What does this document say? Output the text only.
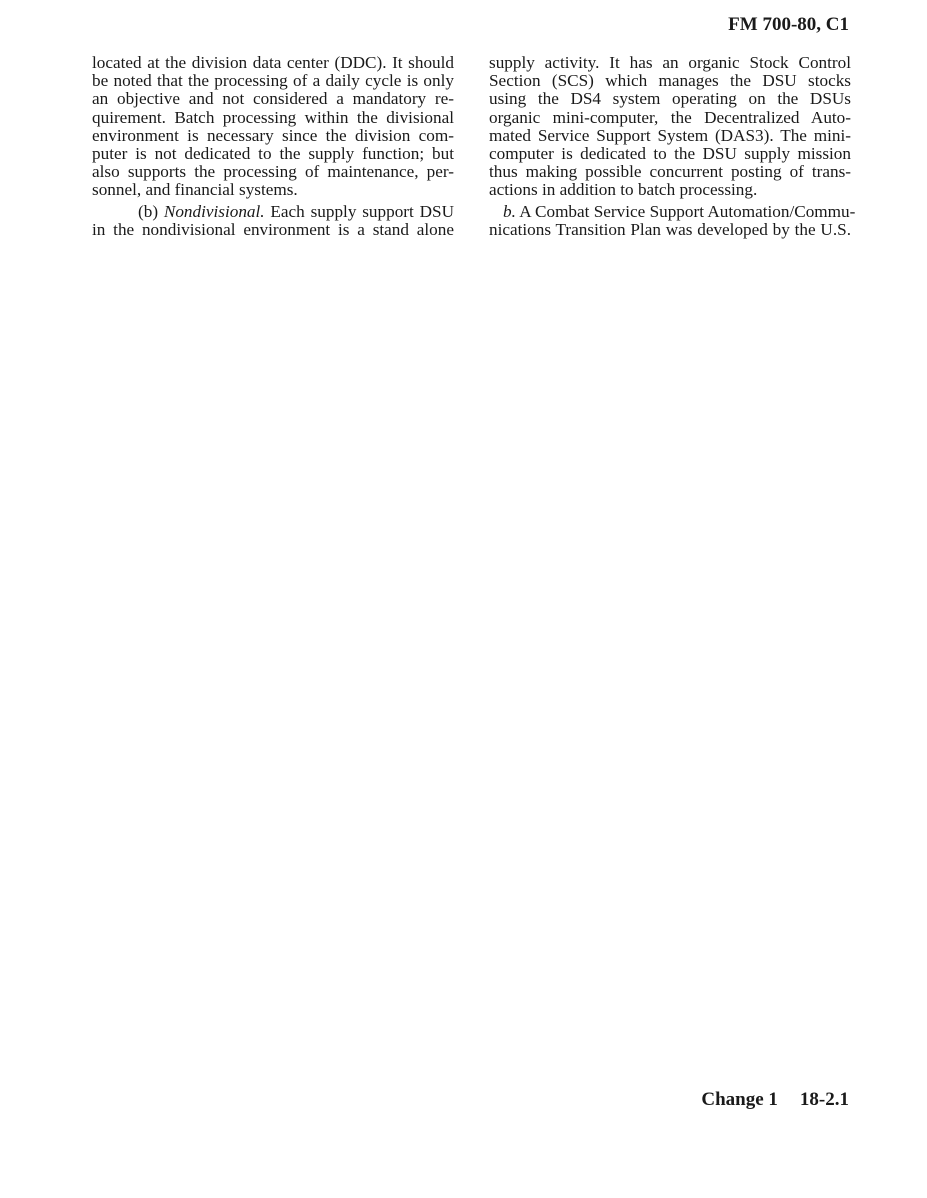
FM 700-80, C1
located at the division data center (DDC). It should
be noted that the processing of a daily cycle is only
an objective and not considered a mandatory re-
quirement. Batch processing within the divisional
environment is necessary since the division com-
puter is not dedicated to the supply function; but
also supports the processing of maintenance, per-
sonnel, and financial systems.
(b) Nondivisional. Each supply support DSU
in the nondivisional environment is a stand alone
supply activity. It has an organic Stock Control
Section (SCS) which manages the DSU stocks
using the DS4 system operating on the DSUs
organic mini-computer, the Decentralized Auto-
mated Service Support System (DAS3). The mini-
computer is dedicated to the DSU supply mission
thus making possible concurrent posting of trans-
actions in addition to batch processing.
b. A Combat Service Support Automation/Commu-
nications Transition Plan was developed by the U.S.
Change 1 18-2.1
